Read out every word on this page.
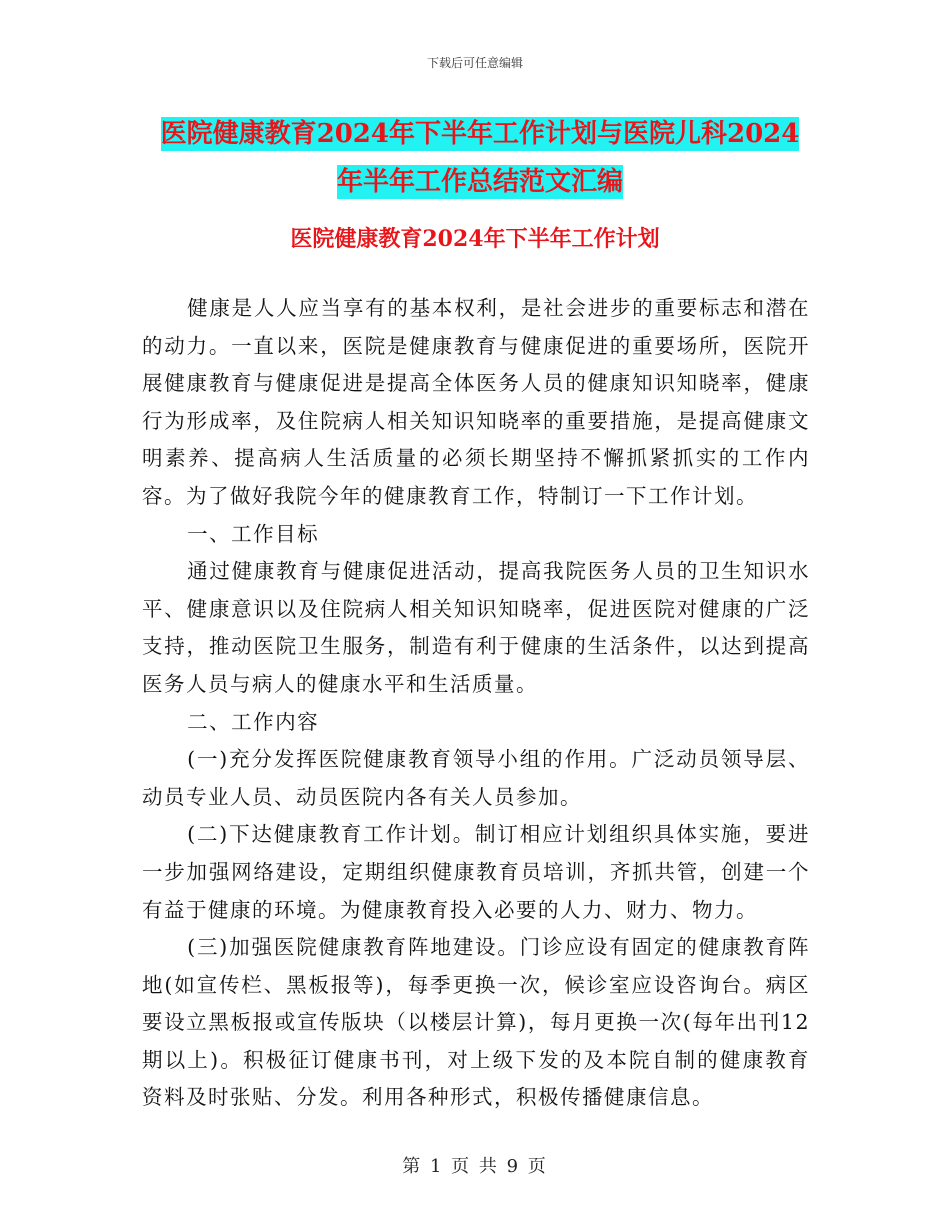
下载后可任意编辑
医院健康教育2024年下半年工作计划与医院儿科2024
年半年工作总结范文汇编
医院健康教育2024年下半年工作计划

健康是人人应当享有的基本权利，是社会进步的重要标志和潜在的动力。一直以来，医院是健康教育与健康促进的重要场所，医院开展健康教育与健康促进是提高全体医务人员的健康知识知晓率，健康行为形成率，及住院病人相关知识知晓率的重要措施，是提高健康文明素养、提高病人生活质量的必须长期坚持不懈抓紧抓实的工作内容。为了做好我院今年的健康教育工作，特制订一下工作计划。

一、工作目标

通过健康教育与健康促进活动，提高我院医务人员的卫生知识水平、健康意识以及住院病人相关知识知晓率，促进医院对健康的广泛支持，推动医院卫生服务，制造有利于健康的生活条件，以达到提高医务人员与病人的健康水平和生活质量。

二、工作内容

(一)充分发挥医院健康教育领导小组的作用。广泛动员领导层、动员专业人员、动员医院内各有关人员参加。

(二)下达健康教育工作计划。制订相应计划组织具体实施，要进一步加强网络建设，定期组织健康教育员培训，齐抓共管，创建一个有益于健康的环境。为健康教育投入必要的人力、财力、物力。

(三)加强医院健康教育阵地建设。门诊应设有固定的健康教育阵地(如宣传栏、黑板报等)，每季更换一次，候诊室应设咨询台。病区要设立黑板报或宣传版块（以楼层计算)，每月更换一次(每年出刊12期以上)。积极征订健康书刊，对上级下发的及本院自制的健康教育资料及时张贴、分发。利用各种形式，积极传播健康信息。

第 1 页 共 9 页
